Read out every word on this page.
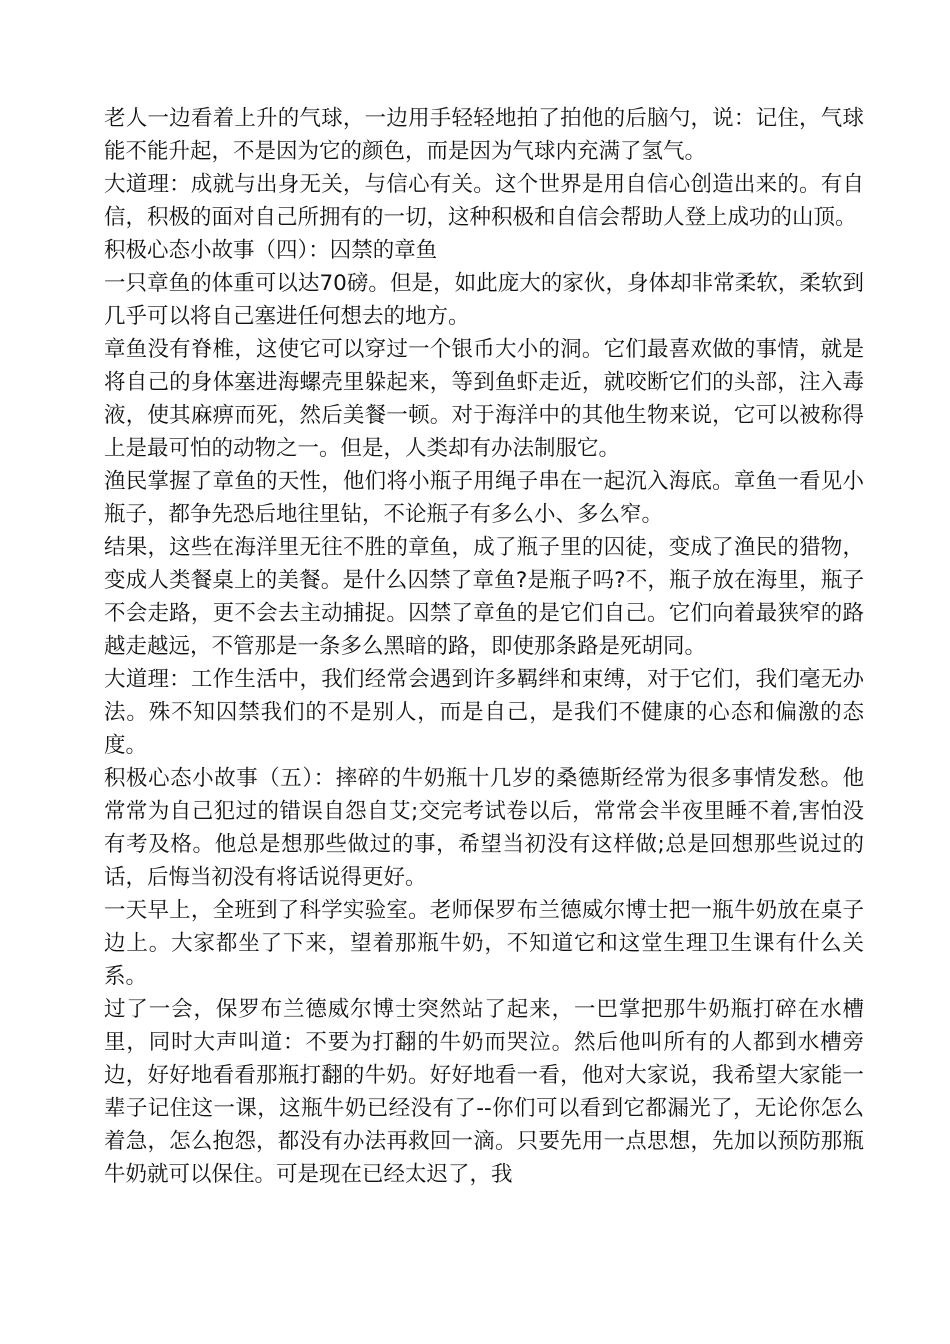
老人一边看着上升的气球，一边用手轻轻地拍了拍他的后脑勺，说：记住，气球能不能升起，不是因为它的颜色，而是因为气球内充满了氢气。

大道理：成就与出身无关，与信心有关。这个世界是用自信心创造出来的。有自信，积极的面对自己所拥有的一切，这种积极和自信会帮助人登上成功的山顶。

积极心态小故事（四）：囚禁的章鱼

一只章鱼的体重可以达70磅。但是，如此庞大的家伙，身体却非常柔软，柔软到几乎可以将自己塞进任何想去的地方。

章鱼没有脊椎，这使它可以穿过一个银币大小的洞。它们最喜欢做的事情，就是将自己的身体塞进海螺壳里躲起来，等到鱼虾走近，就咬断它们的头部，注入毒液，使其麻痹而死，然后美餐一顿。对于海洋中的其他生物来说，它可以被称得上是最可怕的动物之一。但是，人类却有办法制服它。

渔民掌握了章鱼的天性，他们将小瓶子用绳子串在一起沉入海底。章鱼一看见小瓶子，都争先恐后地往里钻，不论瓶子有多么小、多么窄。

结果，这些在海洋里无往不胜的章鱼，成了瓶子里的囚徒，变成了渔民的猎物，变成人类餐桌上的美餐。是什么囚禁了章鱼?是瓶子吗?不，瓶子放在海里，瓶子不会走路，更不会去主动捕捉。囚禁了章鱼的是它们自己。它们向着最狭窄的路越走越远，不管那是一条多么黑暗的路，即使那条路是死胡同。

大道理：工作生活中，我们经常会遇到许多羁绊和束缚，对于它们，我们毫无办法。殊不知囚禁我们的不是别人，而是自己，是我们不健康的心态和偏激的态度。

积极心态小故事（五）：摔碎的牛奶瓶十几岁的桑德斯经常为很多事情发愁。他常常为自己犯过的错误自怨自艾;交完考试卷以后，常常会半夜里睡不着,害怕没有考及格。他总是想那些做过的事，希望当初没有这样做;总是回想那些说过的话，后悔当初没有将话说得更好。

一天早上，全班到了科学实验室。老师保罗布兰德威尔博士把一瓶牛奶放在桌子边上。大家都坐了下来，望着那瓶牛奶，不知道它和这堂生理卫生课有什么关系。

过了一会，保罗布兰德威尔博士突然站了起来，一巴掌把那牛奶瓶打碎在水槽里，同时大声叫道：不要为打翻的牛奶而哭泣。然后他叫所有的人都到水槽旁边，好好地看看那瓶打翻的牛奶。好好地看一看，他对大家说，我希望大家能一辈子记住这一课，这瓶牛奶已经没有了--你们可以看到它都漏光了，无论你怎么着急，怎么抱怨，都没有办法再救回一滴。只要先用一点思想，先加以预防那瓶牛奶就可以保住。可是现在已经太迟了，我
